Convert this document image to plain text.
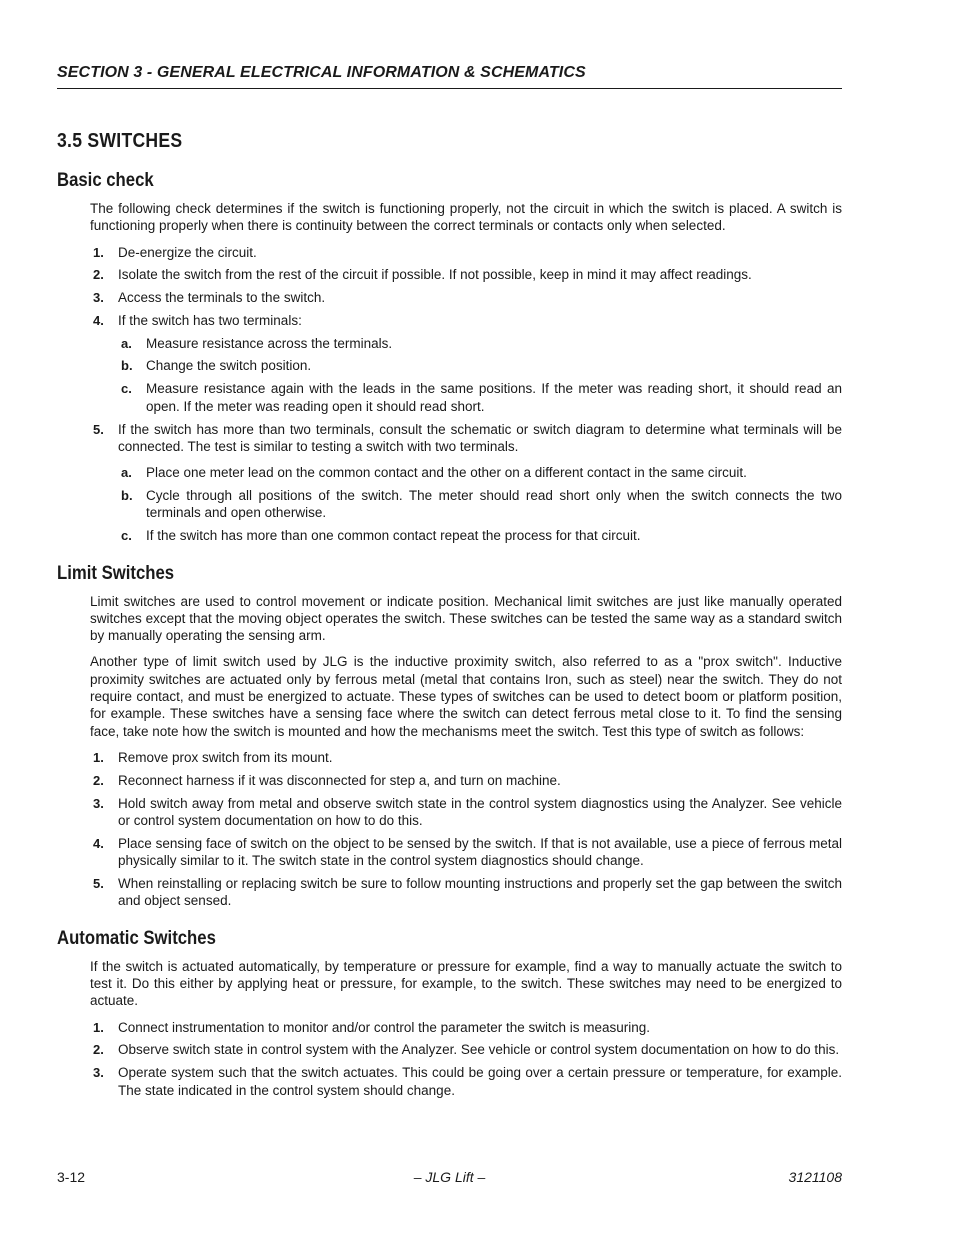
SECTION 3 - GENERAL ELECTRICAL INFORMATION & SCHEMATICS
3.5 SWITCHES
Basic check

The following check determines if the switch is functioning properly, not the circuit in which the switch is placed. A switch is functioning properly when there is continuity between the correct terminals or contacts only when selected.

1. De-energize the circuit.
2. Isolate the switch from the rest of the circuit if possible. If not possible, keep in mind it may affect readings.
3. Access the terminals to the switch.
4. If the switch has two terminals:
a. Measure resistance across the terminals.
b. Change the switch position.
c. Measure resistance again with the leads in the same positions. If the meter was reading short, it should read an open. If the meter was reading open it should read short.
5. If the switch has more than two terminals, consult the schematic or switch diagram to determine what terminals will be connected. The test is similar to testing a switch with two terminals.
a. Place one meter lead on the common contact and the other on a different contact in the same circuit.
b. Cycle through all positions of the switch. The meter should read short only when the switch connects the two terminals and open otherwise.
c. If the switch has more than one common contact repeat the process for that circuit.
Limit Switches

Limit switches are used to control movement or indicate position. Mechanical limit switches are just like manually operated switches except that the moving object operates the switch. These switches can be tested the same way as a standard switch by manually operating the sensing arm.

Another type of limit switch used by JLG is the inductive proximity switch, also referred to as a "prox switch". Inductive proximity switches are actuated only by ferrous metal (metal that contains Iron, such as steel) near the switch. They do not require contact, and must be energized to actuate. These types of switches can be used to detect boom or platform position, for example. These switches have a sensing face where the switch can detect ferrous metal close to it. To find the sensing face, take note how the switch is mounted and how the mechanisms meet the switch. Test this type of switch as follows:

1. Remove prox switch from its mount.
2. Reconnect harness if it was disconnected for step a, and turn on machine.
3. Hold switch away from metal and observe switch state in the control system diagnostics using the Analyzer. See vehicle or control system documentation on how to do this.
4. Place sensing face of switch on the object to be sensed by the switch. If that is not available, use a piece of ferrous metal physically similar to it. The switch state in the control system diagnostics should change.
5. When reinstalling or replacing switch be sure to follow mounting instructions and properly set the gap between the switch and object sensed.
Automatic Switches

If the switch is actuated automatically, by temperature or pressure for example, find a way to manually actuate the switch to test it. Do this either by applying heat or pressure, for example, to the switch. These switches may need to be energized to actuate.

1. Connect instrumentation to monitor and/or control the parameter the switch is measuring.
2. Observe switch state in control system with the Analyzer. See vehicle or control system documentation on how to do this.
3. Operate system such that the switch actuates. This could be going over a certain pressure or temperature, for example. The state indicated in the control system should change.
3-12	– JLG Lift –	3121108
